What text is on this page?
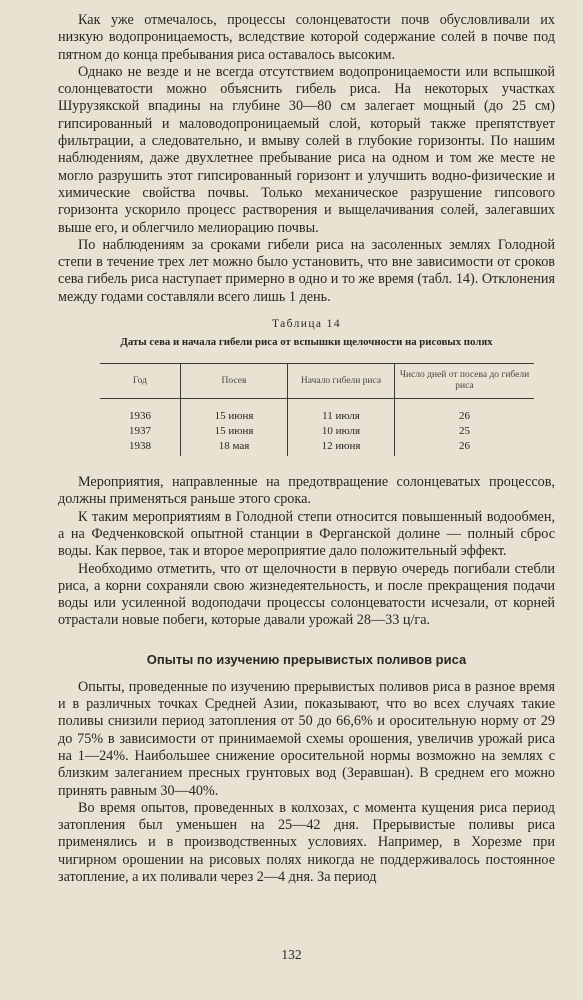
Как уже отмечалось, процессы солонцеватости почв обусловливали их низкую водопроницаемость, вследствие которой содержание солей в почве под пятном до конца пребывания риса оставалось высоким.

Однако не везде и не всегда отсутствием водопроницаемости или вспышкой солонцеватости можно объяснить гибель риса. На некоторых участках Шурузякской впадины на глубине 30—80 см залегает мощный (до 25 см) гипсированный и маловодопроницаемый слой, который также препятствует фильтрации, а следовательно, и вмыву солей в глубокие горизонты. По нашим наблюдениям, даже двухлетнее пребывание риса на одном и том же месте не могло разрушить этот гипсированный горизонт и улучшить водно-физические и химические свойства почвы. Только механическое разрушение гипсового горизонта ускорило процесс растворения и выщелачивания солей, залегавших выше его, и облегчило мелиорацию почвы.

По наблюдениям за сроками гибели риса на засоленных землях Голодной степи в течение трех лет можно было установить, что вне зависимости от сроков сева гибель риса наступает примерно в одно и то же время (табл. 14). Отклонения между годами составляли всего лишь 1 день.

Таблица 14
Даты сева и начала гибели риса от вспышки щелочности на рисовых полях
Год	Посев	Начало гибели риса	Число дней от посева до гибели риса
1936	15 июня	11 июля	26
1937	15 июня	10 июля	25
1938	18 мая	12 июня	26

Мероприятия, направленные на предотвращение солонцеватых процессов, должны применяться раньше этого срока.

К таким мероприятиям в Голодной степи относится повышенный водообмен, а на Федченковской опытной станции в Ферганской долине — полный сброс воды. Как первое, так и второе мероприятие дало положительный эффект.

Необходимо отметить, что от щелочности в первую очередь погибали стебли риса, а корни сохраняли свою жизнедеятельность, и после прекращения подачи воды или усиленной водоподачи процессы солонцеватости исчезали, от корней отрастали новые побеги, которые давали урожай 28—33 ц/га.

Опыты по изучению прерывистых поливов риса

Опыты, проведенные по изучению прерывистых поливов риса в разное время и в различных точках Средней Азии, показывают, что во всех случаях такие поливы снизили период затопления от 50 до 66,6% и оросительную норму от 29 до 75% в зависимости от принимаемой схемы орошения, увеличив урожай риса на 1—24%. Наибольшее снижение оросительной нормы возможно на землях с близким залеганием пресных грунтовых вод (Зеравшан). В среднем его можно принять равным 30—40%.

Во время опытов, проведенных в колхозах, с момента кущения риса период затопления был уменьшен на 25—42 дня. Прерывистые поливы риса применялись и в производственных условиях. Например, в Хорезме при чигирном орошении на рисовых полях никогда не поддерживалось постоянное затопление, а их поливали через 2—4 дня. За период

132
